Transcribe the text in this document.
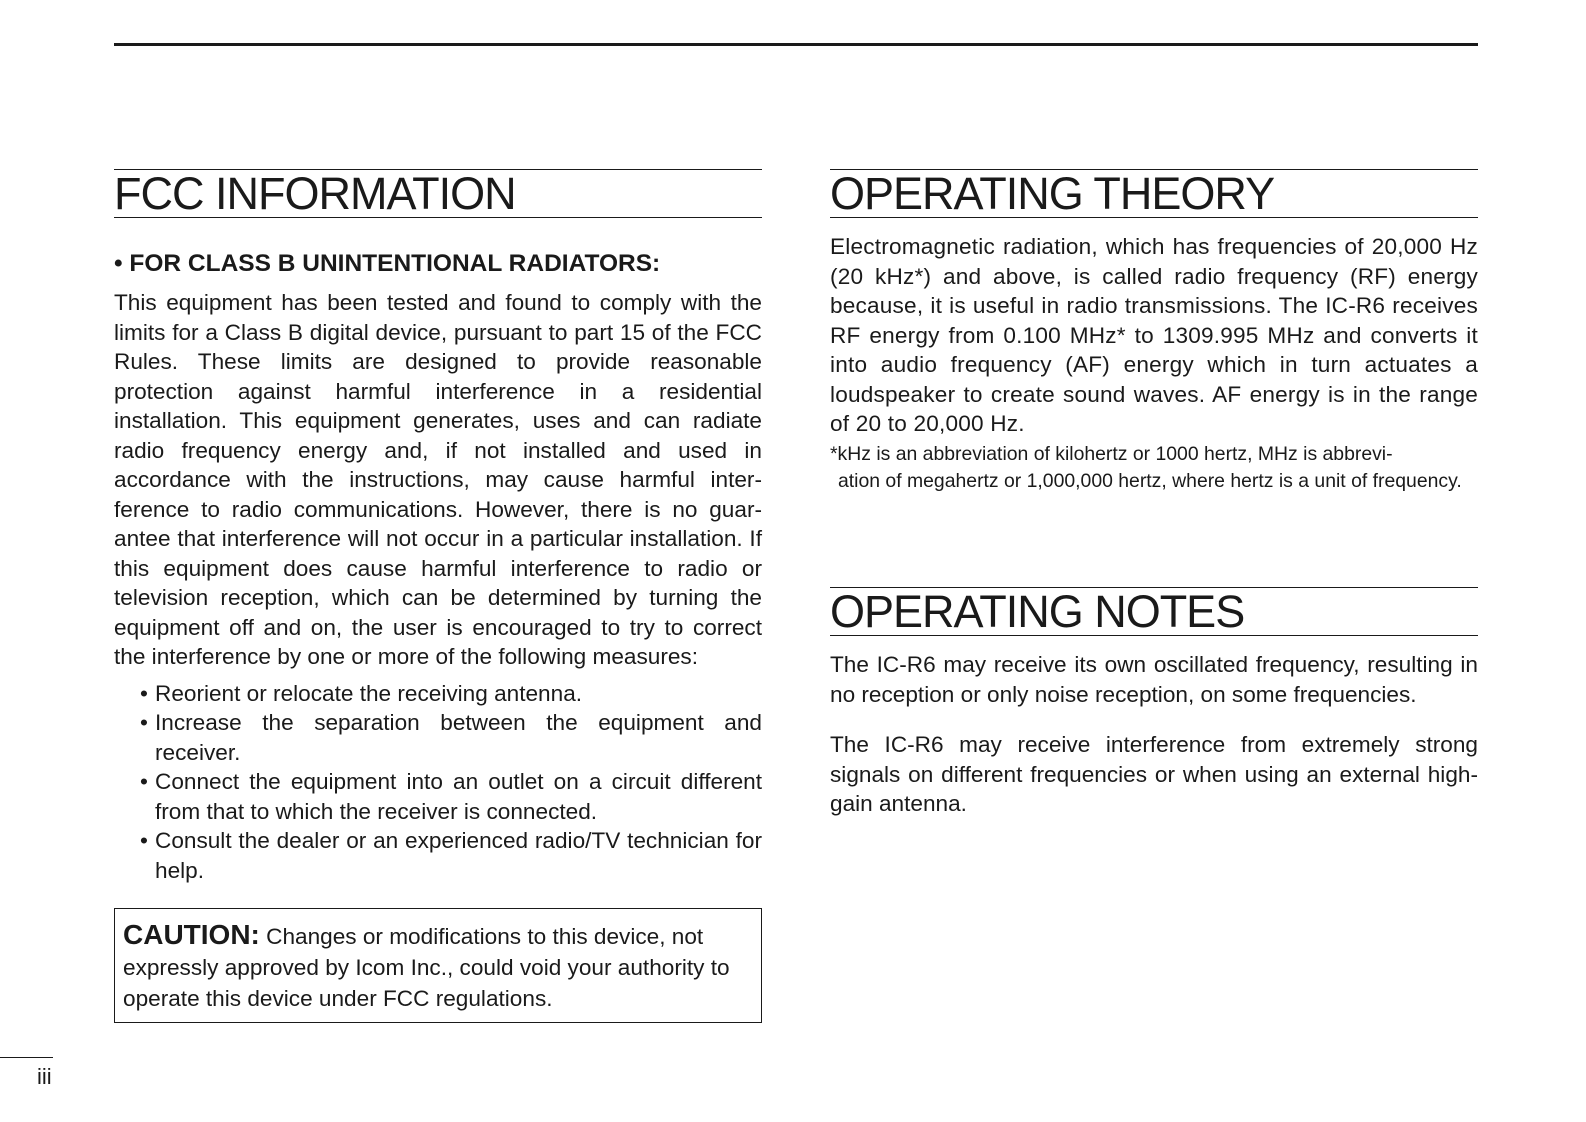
FCC INFORMATION
• FOR CLASS B UNINTENTIONAL RADIATORS:

This equipment has been tested and found to comply with the limits for a Class B digital device, pursuant to part 15 of the FCC Rules. These limits are designed to provide reasonable protection against harmful interference in a residential installation. This equipment generates, uses and can radiate radio frequency energy and, if not installed and used in accordance with the instructions, may cause harmful interference to radio communications. However, there is no guarantee that interference will not occur in a particular installation. If this equipment does cause harmful interference to radio or television reception, which can be determined by turning the equipment off and on, the user is encouraged to try to correct the interference by one or more of the following measures:

• Reorient or relocate the receiving antenna.
• Increase the separation between the equipment and receiver.
• Connect the equipment into an outlet on a circuit different from that to which the receiver is connected.
• Consult the dealer or an experienced radio/TV technician for help.
CAUTION: Changes or modifications to this device, not expressly approved by Icom Inc., could void your authority to operate this device under FCC regulations.
OPERATING THEORY

Electromagnetic radiation, which has frequencies of 20,000 Hz (20 kHz*) and above, is called radio frequency (RF) energy because, it is useful in radio transmissions. The IC-R6 receives RF energy from 0.100 MHz* to 1309.995 MHz and converts it into audio frequency (AF) energy which in turn actuates a loudspeaker to create sound waves. AF energy is in the range of 20 to 20,000 Hz.

*kHz is an abbreviation of kilohertz or 1000 hertz, MHz is abbrevi-
ation of megahertz or 1,000,000 hertz, where hertz is a unit of frequency.

OPERATING NOTES

The IC-R6 may receive its own oscillated frequency, resulting in no reception or only noise reception, on some frequencies.

The IC-R6 may receive interference from extremely strong signals on different frequencies or when using an external high-gain antenna.

iii
